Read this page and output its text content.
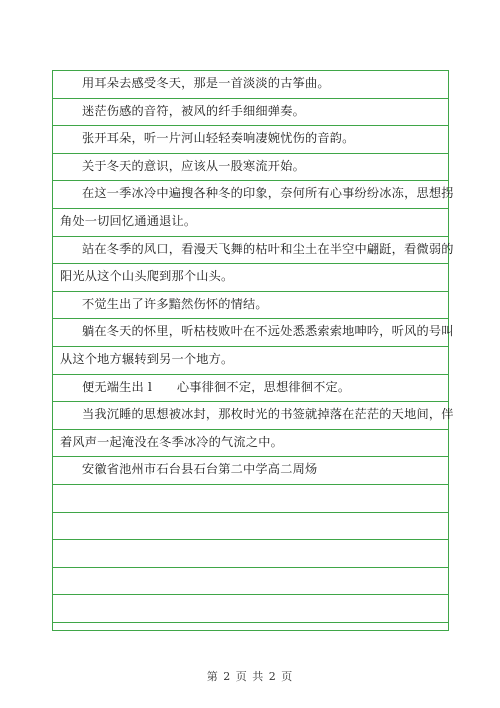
用耳朵去感受冬天，那是一首淡淡的古筝曲。
迷茫伤感的音符，被风的纤手细细弹奏。
张开耳朵，听一片河山轻轻奏响凄婉忧伤的音韵。
关于冬天的意识，应该从一股寒流开始。
在这一季冰冷中遍搜各种冬的印象，奈何所有心事纷纷冰冻，思想拐
角处一切回忆通通退让。
站在冬季的风口，看漫天飞舞的枯叶和尘土在半空中翩跹，看微弱的
阳光从这个山头爬到那个山头。
不觉生出了许多黯然伤怀的情结。
躺在冬天的怀里，听枯枝败叶在不远处悉悉索索地呻吟，听风的号叫
从这个地方辗转到另一个地方。
便无端生出 l　　心事徘徊不定，思想徘徊不定。
当我沉睡的思想被冰封，那枚时光的书签就掉落在茫茫的天地间，伴
着风声一起淹没在冬季冰冷的气流之中。
安徽省池州市石台县石台第二中学高二周炀
第 2 页 共 2 页
